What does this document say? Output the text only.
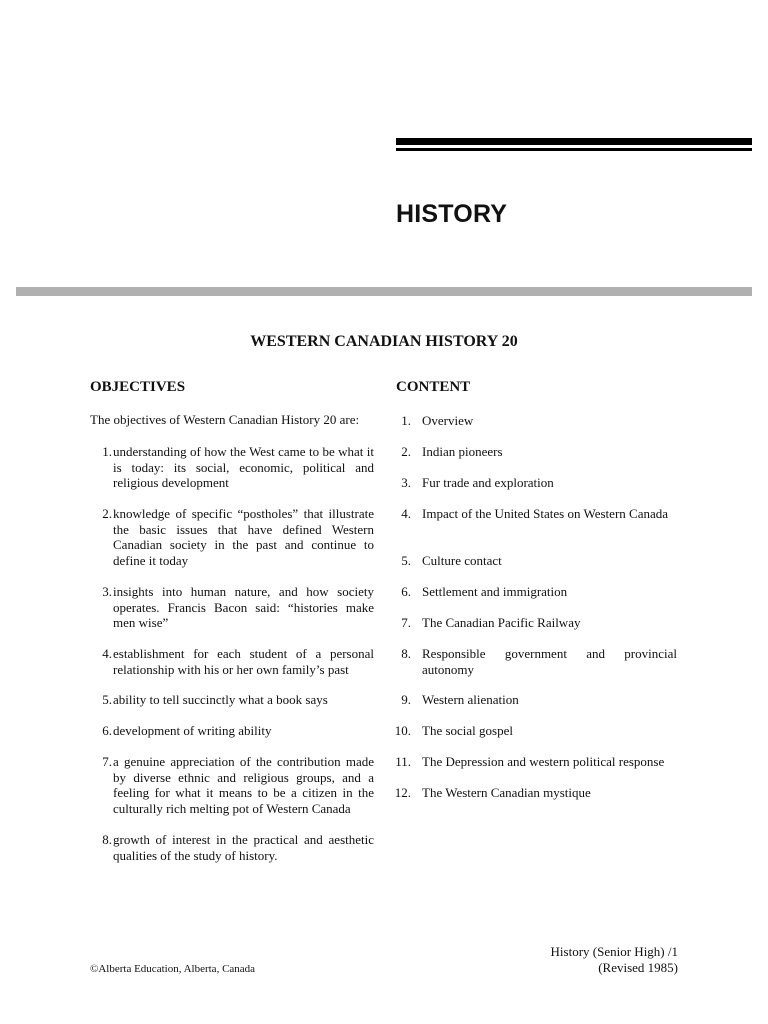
HISTORY
WESTERN CANADIAN HISTORY 20
OBJECTIVES	CONTENT

The objectives of Western Canadian History 20 are:

1. understanding of how the West came to be what it is today: its social, economic, political and religious development
2. knowledge of specific “postholes” that illustrate the basic issues that have defined Western Canadian society in the past and continue to define it today
3. insights into human nature, and how society operates. Francis Bacon said: “histories make men wise”
4. establishment for each student of a personal relationship with his or her own family’s past
5. ability to tell succinctly what a book says
6. development of writing ability
7. a genuine appreciation of the contribution made by diverse ethnic and religious groups, and a feeling for what it means to be a citizen in the culturally rich melting pot of Western Canada
8. growth of interest in the practical and aesthetic qualities of the study of history.
1. Overview
2. Indian pioneers
3. Fur trade and exploration
4. Impact of the United States on Western Canada
5. Culture contact
6. Settlement and immigration
7. The Canadian Pacific Railway
8. Responsible government and provincial autonomy
9. Western alienation
10. The social gospel
11. The Depression and western political response
12. The Western Canadian mystique

©Alberta Education, Alberta, Canada

History (Senior High) /1
(Revised 1985)
